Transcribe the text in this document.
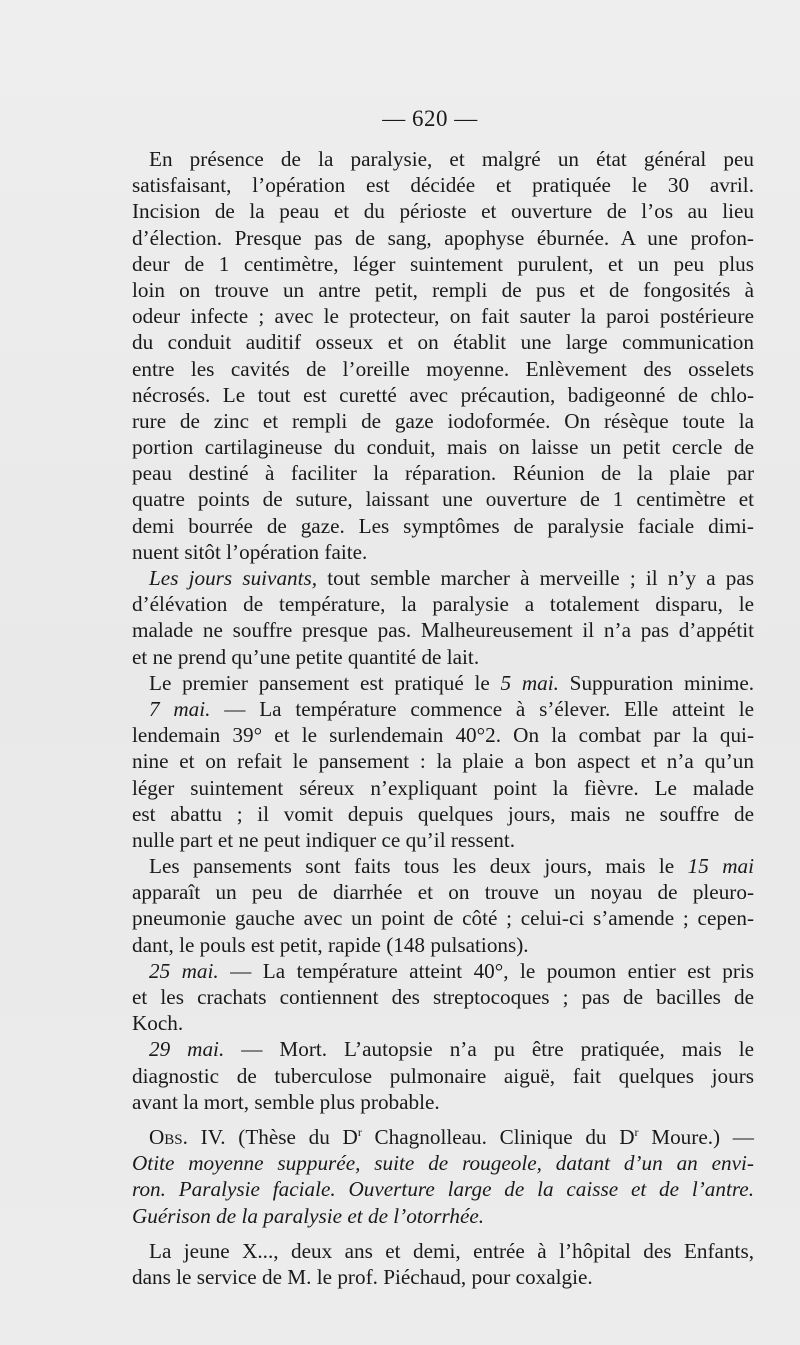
— 620 —
En présence de la paralysie, et malgré un état général peu
satisfaisant, l’opération est décidée et pratiquée le 30 avril.
Incision de la peau et du périoste et ouverture de l’os au lieu
d’élection. Presque pas de sang, apophyse éburnée. A une profon-
deur de 1 centimètre, léger suintement purulent, et un peu plus
loin on trouve un antre petit, rempli de pus et de fongosités à
odeur infecte ; avec le protecteur, on fait sauter la paroi postérieure
du conduit auditif osseux et on établit une large communication
entre les cavités de l’oreille moyenne. Enlèvement des osselets
nécrosés. Le tout est curetté avec précaution, badigeonné de chlo-
rure de zinc et rempli de gaze iodoformée. On résèque toute la
portion cartilagineuse du conduit, mais on laisse un petit cercle de
peau destiné à faciliter la réparation. Réunion de la plaie par
quatre points de suture, laissant une ouverture de 1 centimètre et
demi bourrée de gaze. Les symptômes de paralysie faciale dimi-
nuent sitôt l’opération faite.
Les jours suivants, tout semble marcher à merveille ; il n’y a pas
d’élévation de température, la paralysie a totalement disparu, le
malade ne souffre presque pas. Malheureusement il n’a pas d’appétit
et ne prend qu’une petite quantité de lait.
Le premier pansement est pratiqué le 5 mai. Suppuration minime.
7 mai. — La température commence à s’élever. Elle atteint le
lendemain 39° et le surlendemain 40°2. On la combat par la qui-
nine et on refait le pansement : la plaie a bon aspect et n’a qu’un
léger suintement séreux n’expliquant point la fièvre. Le malade
est abattu ; il vomit depuis quelques jours, mais ne souffre de
nulle part et ne peut indiquer ce qu’il ressent.
Les pansements sont faits tous les deux jours, mais le 15 mai
apparaît un peu de diarrhée et on trouve un noyau de pleuro-
pneumonie gauche avec un point de côté ; celui-ci s’amende ; cepen-
dant, le pouls est petit, rapide (148 pulsations).
25 mai. — La température atteint 40°, le poumon entier est pris
et les crachats contiennent des streptocoques ; pas de bacilles de
Koch.
29 mai. — Mort. L’autopsie n’a pu être pratiquée, mais le
diagnostic de tuberculose pulmonaire aiguë, fait quelques jours
avant la mort, semble plus probable.
Obs. IV. (Thèse du $D^r$ Chagnolleau. Clinique du $D^r$ Moure.) —
Otite moyenne suppurée, suite de rougeole, datant d’un an envi-
ron. Paralysie faciale. Ouverture large de la caisse et de l’antre.
Guérison de la paralysie et de l’otorrhée.
La jeune X..., deux ans et demi, entrée à l’hôpital des Enfants,
dans le service de M. le prof. Piéchaud, pour coxalgie.
